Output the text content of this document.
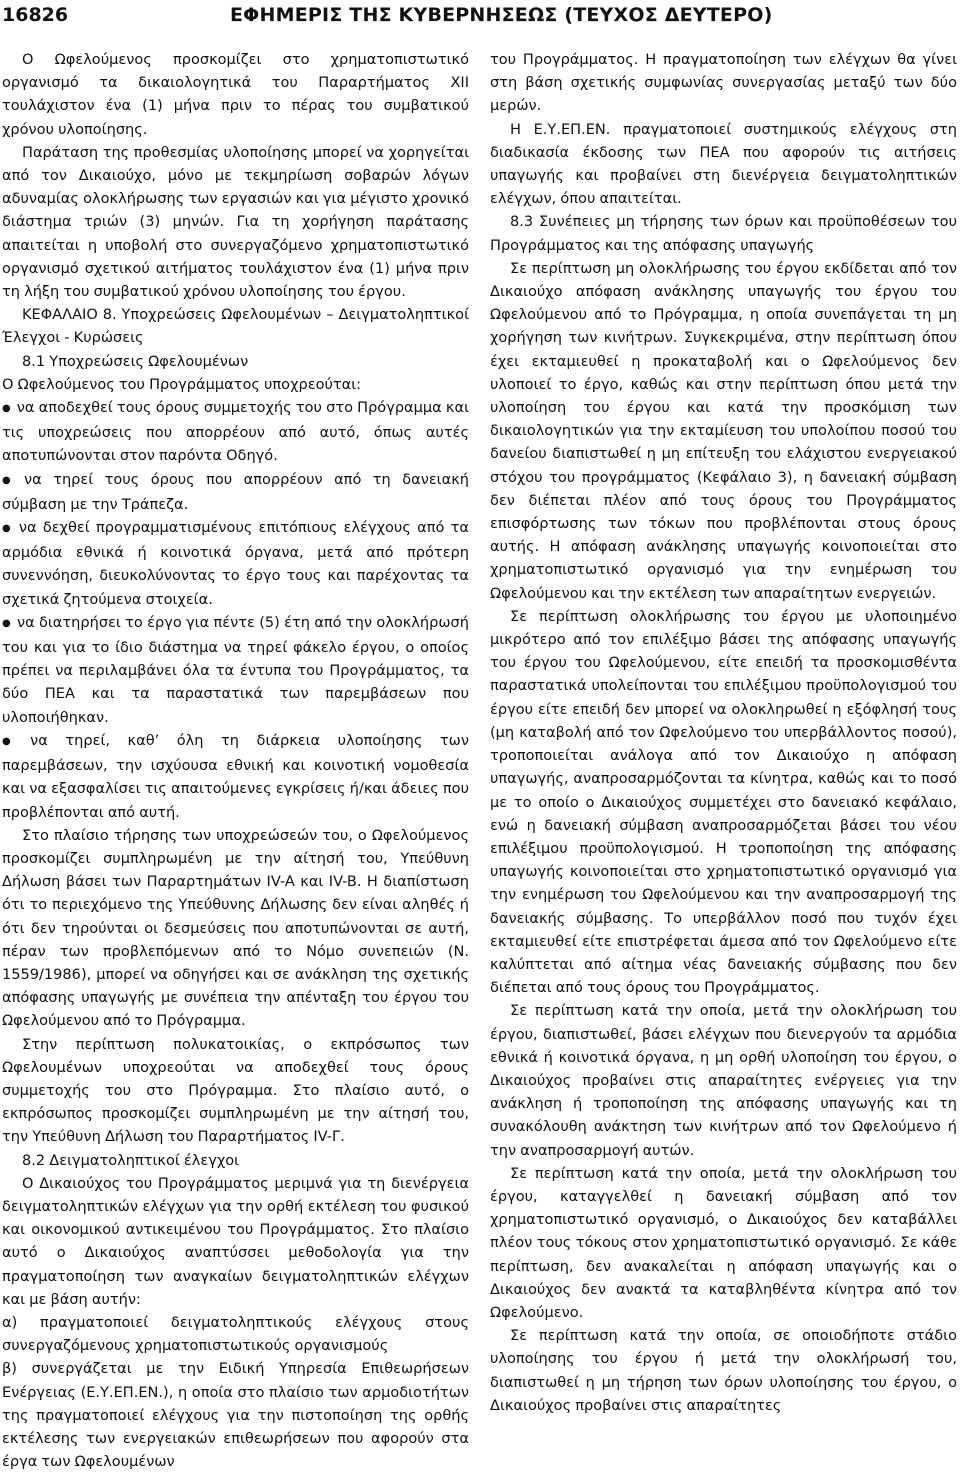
16826	ΕΦΗΜΕΡΙΣ ΤΗΣ ΚΥΒΕΡΝΗΣΕΩΣ (ΤΕΥΧΟΣ ΔΕΥΤΕΡΟ)

Ο Ωφελούμενος προσκομίζει στο χρηματοπιστωτικό οργανισμό τα δικαιολογητικά του Παραρτήματος XII τουλάχιστον ένα (1) μήνα πριν το πέρας του συμβατικού χρόνου υλοποίησης.

Παράταση της προθεσμίας υλοποίησης μπορεί να χορηγείται από τον Δικαιούχο, μόνο με τεκμηρίωση σοβαρών λόγων αδυναμίας ολοκλήρωσης των εργασιών και για μέγιστο χρονικό διάστημα τριών (3) μηνών. Για τη χορήγηση παράτασης απαιτείται η υποβολή στο συνεργαζόμενο χρηματοπιστωτικό οργανισμό σχετικού αιτήματος τουλάχιστον ένα (1) μήνα πριν τη λήξη του συμβατικού χρόνου υλοποίησης του έργου.

ΚΕΦΑΛΑΙΟ 8. Υποχρεώσεις Ωφελουμένων – Δειγματοληπτικοί Έλεγχοι - Κυρώσεις

8.1 Υποχρεώσεις Ωφελουμένων

Ο Ωφελούμενος του Προγράμματος υποχρεούται:

● να αποδεχθεί τους όρους συμμετοχής του στο Πρόγραμμα και τις υποχρεώσεις που απορρέουν από αυτό, όπως αυτές αποτυπώνονται στον παρόντα Οδηγό.

● να τηρεί τους όρους που απορρέουν από τη δανειακή σύμβαση με την Τράπεζα.

● να δεχθεί προγραμματισμένους επιτόπιους ελέγχους από τα αρμόδια εθνικά ή κοινοτικά όργανα, μετά από πρότερη συνεννόηση, διευκολύνοντας το έργο τους και παρέχοντας τα σχετικά ζητούμενα στοιχεία.

● να διατηρήσει το έργο για πέντε (5) έτη από την ολοκλήρωσή του και για το ίδιο διάστημα να τηρεί φάκελο έργου, ο οποίος πρέπει να περιλαμβάνει όλα τα έντυπα του Προγράμματος, τα δύο ΠΕΑ και τα παραστατικά των παρεμβάσεων που υλοποιήθηκαν.

● να τηρεί, καθ’ όλη τη διάρκεια υλοποίησης των παρεμβάσεων, την ισχύουσα εθνική και κοινοτική νομοθεσία και να εξασφαλίσει τις απαιτούμενες εγκρίσεις ή/και άδειες που προβλέπονται από αυτή.

Στο πλαίσιο τήρησης των υποχρεώσεών του, ο Ωφελούμενος προσκομίζει συμπληρωμένη με την αίτησή του, Υπεύθυνη Δήλωση βάσει των Παραρτημάτων IV-A και IV-B. Η διαπίστωση ότι το περιεχόμενο της Υπεύθυνης Δήλωσης δεν είναι αληθές ή ότι δεν τηρούνται οι δεσμεύσεις που αποτυπώνονται σε αυτή, πέραν των προβλεπόμενων από το Νόμο συνεπειών (Ν. 1559/1986), μπορεί να οδηγήσει και σε ανάκληση της σχετικής απόφασης υπαγωγής με συνέπεια την απένταξη του έργου του Ωφελούμενου από το Πρόγραμμα.

Στην περίπτωση πολυκατοικίας, ο εκπρόσωπος των Ωφελουμένων υποχρεούται να αποδεχθεί τους όρους συμμετοχής του στο Πρόγραμμα. Στο πλαίσιο αυτό, ο εκπρόσωπος προσκομίζει συμπληρωμένη με την αίτησή του, την Υπεύθυνη Δήλωση του Παραρτήματος IV-Γ.

8.2 Δειγματοληπτικοί έλεγχοι

Ο Δικαιούχος του Προγράμματος μεριμνά για τη διενέργεια δειγματοληπτικών ελέγχων για την ορθή εκτέλεση του φυσικού και οικονομικού αντικειμένου του Προγράμματος. Στο πλαίσιο αυτό ο Δικαιούχος αναπτύσσει μεθοδολογία για την πραγματοποίηση των αναγκαίων δειγματοληπτικών ελέγχων και με βάση αυτήν:

α) πραγματοποιεί δειγματοληπτικούς ελέγχους στους συνεργαζόμενους χρηματοπιστωτικούς οργανισμούς

β) συνεργάζεται με την Ειδική Υπηρεσία Επιθεωρήσεων Ενέργειας (Ε.Υ.ΕΠ.ΕΝ.), η οποία στο πλαίσιο των αρμοδιοτήτων της πραγματοποιεί ελέγχους για την πιστοποίηση της ορθής εκτέλεσης των ενεργειακών επιθεωρήσεων που αφορούν στα έργα των Ωφελουμένων

του Προγράμματος. Η πραγματοποίηση των ελέγχων θα γίνει στη βάση σχετικής συμφωνίας συνεργασίας μεταξύ των δύο μερών.

Η Ε.Υ.ΕΠ.ΕΝ. πραγματοποιεί συστημικούς ελέγχους στη διαδικασία έκδοσης των ΠΕΑ που αφορούν τις αιτήσεις υπαγωγής και προβαίνει στη διενέργεια δειγματοληπτικών ελέγχων, όπου απαιτείται.

8.3 Συνέπειες μη τήρησης των όρων και προϋποθέσεων του Προγράμματος και της απόφασης υπαγωγής

Σε περίπτωση μη ολοκλήρωσης του έργου εκδίδεται από τον Δικαιούχο απόφαση ανάκλησης υπαγωγής του έργου του Ωφελούμενου από το Πρόγραμμα, η οποία συνεπάγεται τη μη χορήγηση των κινήτρων. Συγκεκριμένα, στην περίπτωση όπου έχει εκταμιευθεί η προκαταβολή και ο Ωφελούμενος δεν υλοποιεί το έργο, καθώς και στην περίπτωση όπου μετά την υλοποίηση του έργου και κατά την προσκόμιση των δικαιολογητικών για την εκταμίευση του υπολοίπου ποσού του δανείου διαπιστωθεί η μη επίτευξη του ελάχιστου ενεργειακού στόχου του προγράμματος (Κεφάλαιο 3), η δανειακή σύμβαση δεν διέπεται πλέον από τους όρους του Προγράμματος επισφόρτωσης των τόκων που προβλέπονται στους όρους αυτής. Η απόφαση ανάκλησης υπαγωγής κοινοποιείται στο χρηματοπιστωτικό οργανισμό για την ενημέρωση του Ωφελούμενου και την εκτέλεση των απαραίτητων ενεργειών.

Σε περίπτωση ολοκλήρωσης του έργου με υλοποιημένο μικρότερο από τον επιλέξιμο βάσει της απόφασης υπαγωγής του έργου του Ωφελούμενου, είτε επειδή τα προσκομισθέντα παραστατικά υπολείπονται του επιλέξιμου προϋπολογισμού του έργου είτε επειδή δεν μπορεί να ολοκληρωθεί η εξόφλησή τους (μη καταβολή από τον Ωφελούμενο του υπερβάλλοντος ποσού), τροποποιείται ανάλογα από τον Δικαιούχο η απόφαση υπαγωγής, αναπροσαρμόζονται τα κίνητρα, καθώς και το ποσό με το οποίο ο Δικαιούχος συμμετέχει στο δανειακό κεφάλαιο, ενώ η δανειακή σύμβαση αναπροσαρμόζεται βάσει του νέου επιλέξιμου προϋπολογισμού. Η τροποποίηση της απόφασης υπαγωγής κοινοποιείται στο χρηματοπιστωτικό οργανισμό για την ενημέρωση του Ωφελούμενου και την αναπροσαρμογή της δανειακής σύμβασης. Το υπερβάλλον ποσό που τυχόν έχει εκταμιευθεί είτε επιστρέφεται άμεσα από τον Ωφελούμενο είτε καλύπτεται από αίτημα νέας δανειακής σύμβασης που δεν διέπεται από τους όρους του Προγράμματος.

Σε περίπτωση κατά την οποία, μετά την ολοκλήρωση του έργου, διαπιστωθεί, βάσει ελέγχων που διενεργούν τα αρμόδια εθνικά ή κοινοτικά όργανα, η μη ορθή υλοποίηση του έργου, ο Δικαιούχος προβαίνει στις απαραίτητες ενέργειες για την ανάκληση ή τροποποίηση της απόφασης υπαγωγής και τη συνακόλουθη ανάκτηση των κινήτρων από τον Ωφελούμενο ή την αναπροσαρμογή αυτών.

Σε περίπτωση κατά την οποία, μετά την ολοκλήρωση του έργου, καταγγελθεί η δανειακή σύμβαση από τον χρηματοπιστωτικό οργανισμό, ο Δικαιούχος δεν καταβάλλει πλέον τους τόκους στον χρηματοπιστωτικό οργανισμό. Σε κάθε περίπτωση, δεν ανακαλείται η απόφαση υπαγωγής και ο Δικαιούχος δεν ανακτά τα καταβληθέντα κίνητρα από τον Ωφελούμενο.

Σε περίπτωση κατά την οποία, σε οποιοδήποτε στάδιο υλοποίησης του έργου ή μετά την ολοκλήρωσή του, διαπιστωθεί η μη τήρηση των όρων υλοποίησης του έργου, ο Δικαιούχος προβαίνει στις απαραίτητες
